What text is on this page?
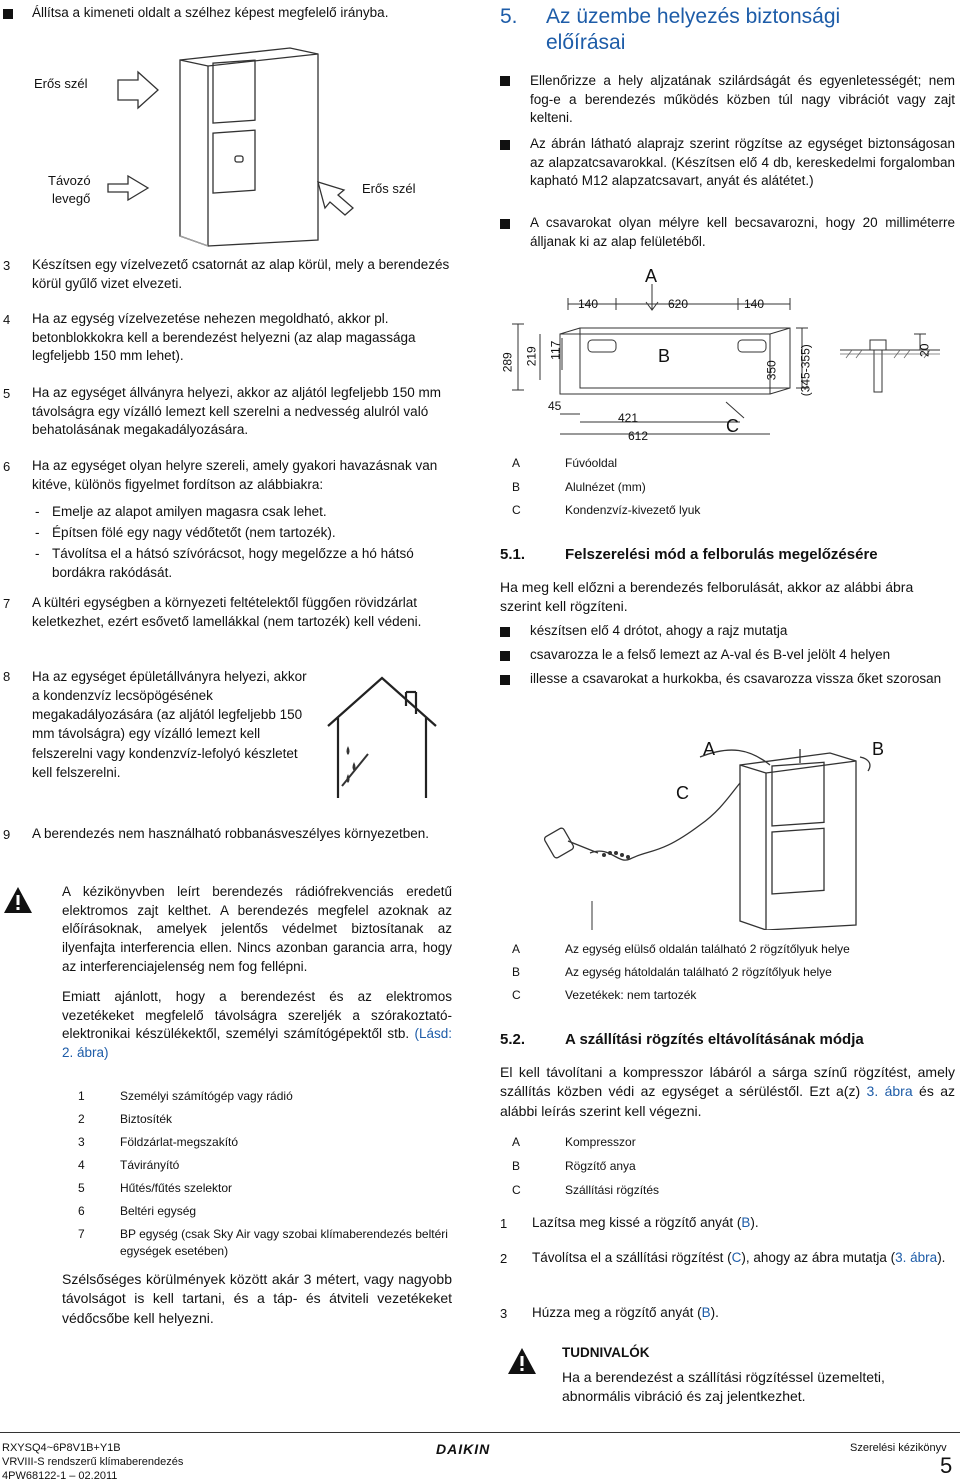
Állítsa a kimeneti oldalt a szélhez képest megfelelő irányba.
Erős szél
Távozó
levegő
Erős szél
3 Készítsen egy vízelvezető csatornát az alap körül, mely a berendezés körül gyűlő vizet elvezeti.
4 Ha az egység vízelvezetése nehezen megoldható, akkor pl. betonblokkokra kell a berendezést helyezni (az alap magassága legfeljebb 150 mm lehet).
5 Ha az egységet állványra helyezi, akkor az aljától legfeljebb 150 mm távolságra egy vízálló lemezt kell szerelni a nedvesség alulról való behatolásának megakadályozására.
6 Ha az egységet olyan helyre szereli, amely gyakori havazásnak van kitéve, különös figyelmet fordítson az alábbiakra:
- Emelje az alapot amilyen magasra csak lehet.
- Építsen fölé egy nagy védőtetőt (nem tartozék).
- Távolítsa el a hátsó szívórácsot, hogy megelőzze a hó hátsó bordákra rakódását.
7 A kültéri egységben a környezeti feltételektől függően rövidzárlat keletkezhet, ezért esővető lamellákkal (nem tartozék) kell védeni.
8 Ha az egységet épületállványra helyezi, akkor a kondenzvíz lecsöpögésének megakadályozására (az aljától legfeljebb 150 mm távolságra) egy vízálló lemezt kell felszerelni vagy kondenzvíz-lefolyó készletet kell felszerelni.
9 A berendezés nem használható robbanásveszélyes környezetben.
A kézikönyvben leírt berendezés rádiófrekvenciás eredetű elektromos zajt kelthet. A berendezés megfelel azoknak az előírásoknak, amelyek jelentős védelmet biztosítanak az ilyenfajta interferencia ellen. Nincs azonban garancia arra, hogy az interferenciajelenség nem fog fellépni.
Emiatt ajánlott, hogy a berendezést és az elektromos vezetékeket megfelelő távolságra szereljék a szórakoztató-elektronikai készülékektől, személyi számítógépektől stb. (Lásd: 2. ábra)
1	Személyi számítógép vagy rádió
2	Biztosíték
3	Földzárlat-megszakító
4	Távirányító
5	Hűtés/fűtés szelektor
6	Beltéri egység
7	BP egység (csak Sky Air vagy szobai klímaberendezés beltéri egységek esetében)
Szélsőséges körülmények között akár 3 métert, vagy nagyobb távolságot is kell tartani, és a táp- és átviteli vezetékeket védőcsőbe kell helyezni.
5. Az üzembe helyezés biztonsági
előírásai
Ellenőrizze a hely aljzatának szilárdságát és egyenletességét; nem fog-e a berendezés működés közben túl nagy vibrációt vagy zajt kelteni.
Az ábrán látható alaprajz szerint rögzítse az egységet biztonságosan az alapzatcsavarokkal. (Készítsen elő 4 db, kereskedelmi forgalomban kapható M12 alapzatcsavart, anyát és alátétet.)
A csavarokat olyan mélyre kell becsavarozni, hogy 20 milliméterre álljanak ki az alap felületéből.
A
B
C
140	620	140
289 219 117
45
421
612
350 (345-355)	20
A	Fúvóoldal
B	Alulnézet (mm)
C	Kondenzvíz-kivezető lyuk
5.1.	Felszerelési mód a felborulás megelőzésére
Ha meg kell előzni a berendezés felborulását, akkor az alábbi ábra szerint kell rögzíteni.
készítsen elő 4 drótot, ahogy a rajz mutatja
csavarozza le a felső lemezt az A-val és B-vel jelölt 4 helyen
illesse a csavarokat a hurkokba, és csavarozza vissza őket szorosan
A	B
C
A	Az egység elülső oldalán található 2 rögzítőlyuk helye
B	Az egység hátoldalán található 2 rögzítőlyuk helye
C	Vezetékek: nem tartozék
5.2.	A szállítási rögzítés eltávolításának módja
El kell távolítani a kompresszor lábáról a sárga színű rögzítést, amely szállítás közben védi az egységet a sérüléstől. Ezt a(z) 3. ábra és az alábbi leírás szerint kell végezni.
A	Kompresszor
B	Rögzítő anya
C	Szállítási rögzítés
1 Lazítsa meg kissé a rögzítő anyát (B).
2 Távolítsa el a szállítási rögzítést (C), ahogy az ábra mutatja (3. ábra).
3 Húzza meg a rögzítő anyát (B).
TUDNIVALÓK
Ha a berendezést a szállítási rögzítéssel üzemelteti, abnormális vibráció és zaj jelentkezhet.
RXYSQ4~6P8V1B+Y1B
VRVIII-S rendszerű klímaberendezés
4PW68122-1 – 02.2011
DAIKIN	Szerelési kézikönyv
5
